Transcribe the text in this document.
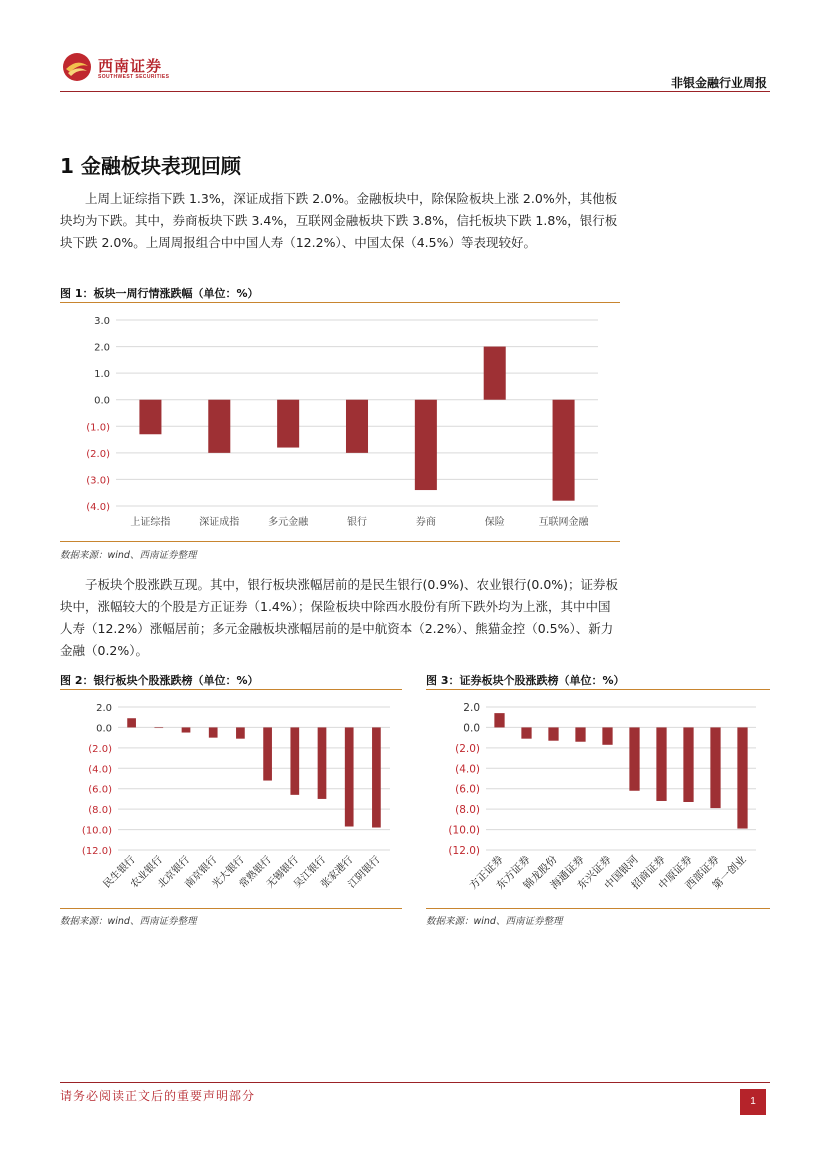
西南证券
SOUTHWEST SECURITIES	非银金融行业周报
1 金融板块表现回顾

上周上证综指下跌 1.3%，深证成指下跌 2.0%。金融板块中，除保险板块上涨 2.0%外，其他板块均为下跌。其中，券商板块下跌 3.4%，互联网金融板块下跌 3.8%，信托板块下跌 1.8%，银行板块下跌 2.0%。上周周报组合中中国人寿（12.2%）、中国太保（4.5%）等表现较好。

图 1：板块一周行情涨跌幅（单位：%）
3.0
2.0
1.0
0.0
(1.0)
(2.0)
(3.0)
(4.0)
上证综指	深证成指	多元金融	银行	券商	保险	互联网金融
数据来源：wind、西南证券整理

子板块个股涨跌互现。其中，银行板块涨幅居前的是民生银行(0.9%)、农业银行(0.0%)；证券板块中，涨幅较大的个股是方正证券（1.4%）；保险板块中除西水股份有所下跌外均为上涨，其中中国人寿（12.2%）涨幅居前；多元金融板块涨幅居前的是中航资本（2.2%）、熊猫金控（0.5%）、新力金融（0.2%）。

图 2：银行板块个股涨跌榜（单位：%）
2.0
0.0
(2.0)
(4.0)
(6.0)
(8.0)
(10.0)
(12.0)
民生银行
农业银行
北京银行
南京银行
光大银行
常熟银行
无锡银行
吴江银行
张家港行
江阴银行
数据来源：wind、西南证券整理
图 3：证券板块个股涨跌榜（单位：%）
2.0
0.0
(2.0)
(4.0)
(6.0)
(8.0)
(10.0)
(12.0)
方正证券
东方证券
锦龙股份
海通证券
东兴证券
中国银河
招商证券
中原证券
西部证券
第一创业
数据来源：wind、西南证券整理
请务必阅读正文后的重要声明部分	1
